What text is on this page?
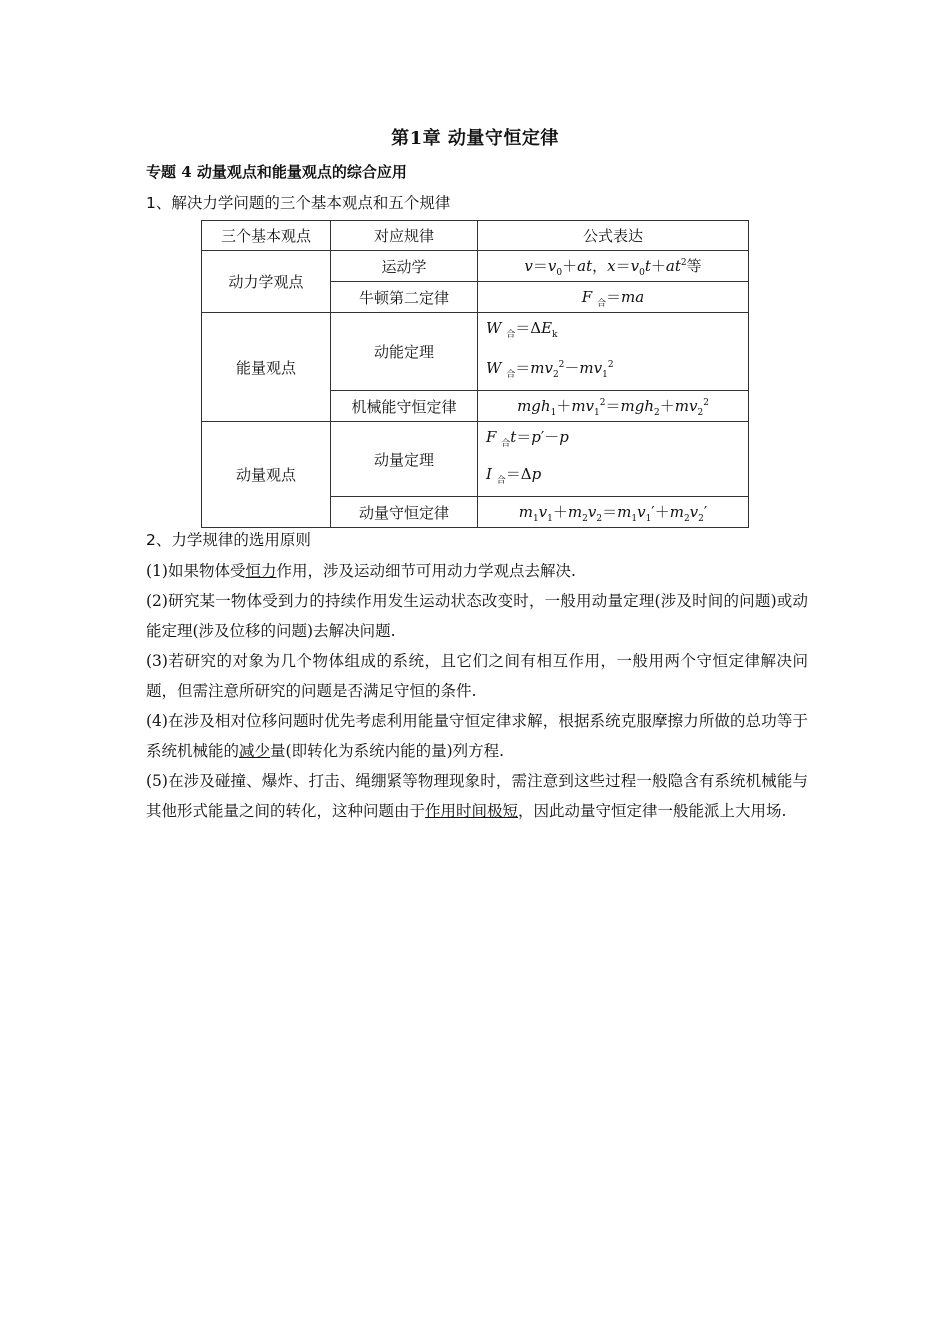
第1章 动量守恒定律
专题 4 动量观点和能量观点的综合应用
1、解决力学问题的三个基本观点和五个规律
三个基本观点	对应规律	公式表达
动力学观点	运动学	$v=v_0+at$，$x=v_0t+at^2$等
	牛顿第二定律	F $_合$＝ma
能量观点	动能定理	W $_合=\Delta E_k$
W $_合=mv_2^2-mv_1^2$

	机械能守恒定律	$mgh_1+mv_1^2=mgh_2+mv_2^2$
动量观点	动量定理	F $_合$t＝p′－p
I $_合$＝Δp

	动量守恒定律	$m_1v_1+m_2v_2=m_1v_1'+m_2v_2'$
2、力学规律的选用原则

(1)如果物体受恒力作用，涉及运动细节可用动力学观点去解决.

(2)研究某一物体受到力的持续作用发生运动状态改变时，一般用动量定理(涉及时间的问题)或动能定理(涉及位移的问题)去解决问题.

(3)若研究的对象为几个物体组成的系统，且它们之间有相互作用，一般用两个守恒定律解决问题，但需注意所研究的问题是否满足守恒的条件.

(4)在涉及相对位移问题时优先考虑利用能量守恒定律求解，根据系统克服摩擦力所做的总功等于系统机械能的减少量(即转化为系统内能的量)列方程.

(5)在涉及碰撞、爆炸、打击、绳绷紧等物理现象时，需注意到这些过程一般隐含有系统机械能与其他形式能量之间的转化，这种问题由于作用时间极短，因此动量守恒定律一般能派上大用场.
